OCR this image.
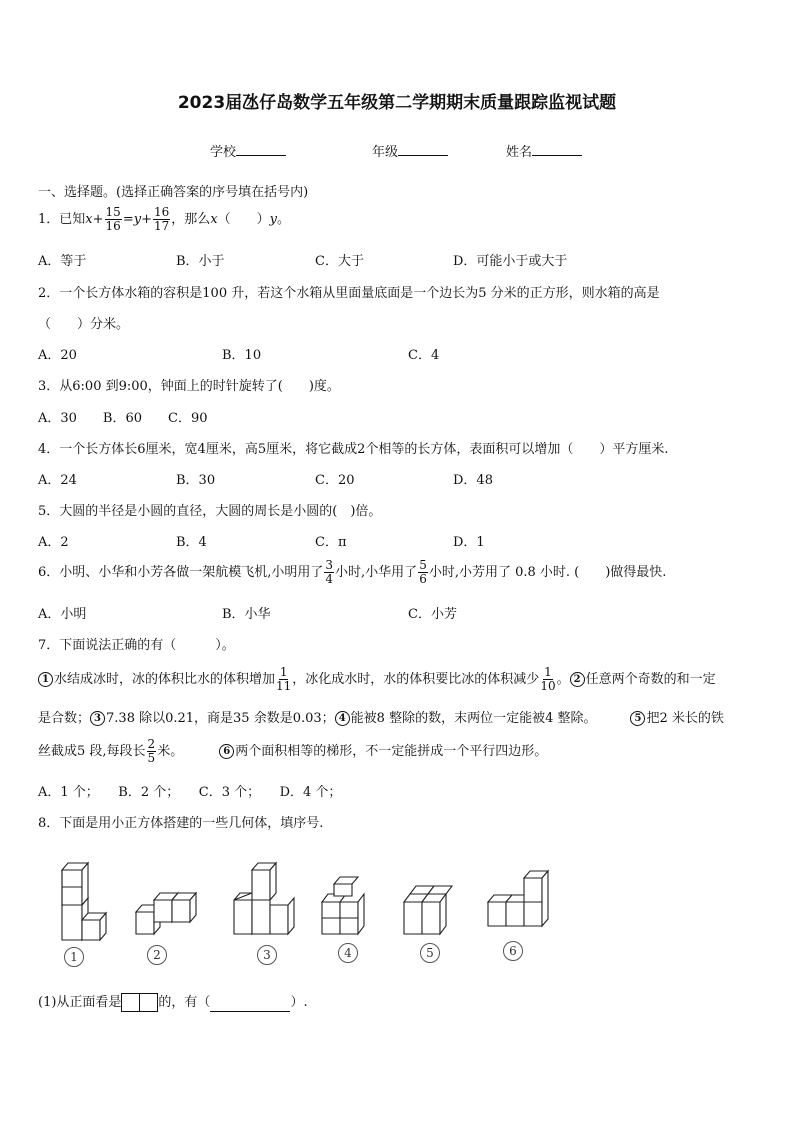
2023届氹仔岛数学五年级第二学期期末质量跟踪监视试题
学校	年级	姓名
一、选择题。(选择正确答案的序号填在括号内)
1．已知$x+ \frac{15}{16} =y+ \frac{16}{17}$ ，那么x（　　）y。
A．等于	B．小于	C．大于	D．可能小于或大于
2．一个长方体水箱的容积是100 升，若这个水箱从里面量底面是一个边长为5 分米的正方形，则水箱的高是
（　　）分米。
A．20	B．10	C．4
3．从6:00 到9:00，钟面上的时针旋转了(　　)度。
A．30　　B．60　　C．90
4．一个长方体长6厘米，宽4厘米，高5厘米，将它截成2个相等的长方体，表面积可以增加（　　）平方厘米.
A．24	B．30	C．20	D．48
5．大圆的半径是小圆的直径，大圆的周长是小圆的(　)倍。
A．2	B．4	C．π	D．1
6．小明、小华和小芳各做一架航模飞机,小明用了 $\frac{3}{4}$ 小时,小华用了 $\frac{5}{6}$ 小时,小芳用了 0.8 小时. (　　)做得最快.
A．小明	B．小华	C．小芳
7．下面说法正确的有（　　　）。
1 水结成冰时，冰的体积比水的体积增加 $\frac{1}{11}$ ，冰化成水时，水的体积要比冰的体积减少 $\frac{1}{10}$ 。 2 任意两个奇数的和一定
是合数； 3 7.38 除以0.21，商是35 余数是0.03； 4 能被8 整除的数，末两位一定能被4 整除。	5 把2 米长的铁
丝截成5 段,每段长 $\frac{2}{5}$ 米。	6 两个面积相等的梯形，不一定能拼成一个平行四边形。
A．1 个；　　B．2 个；　　C．3 个；　　D．4 个；
8．下面是用小正方体搭建的一些几何体，填序号.
1	2	3	4	5	6
(1)从正面看是	的，有（	）.
